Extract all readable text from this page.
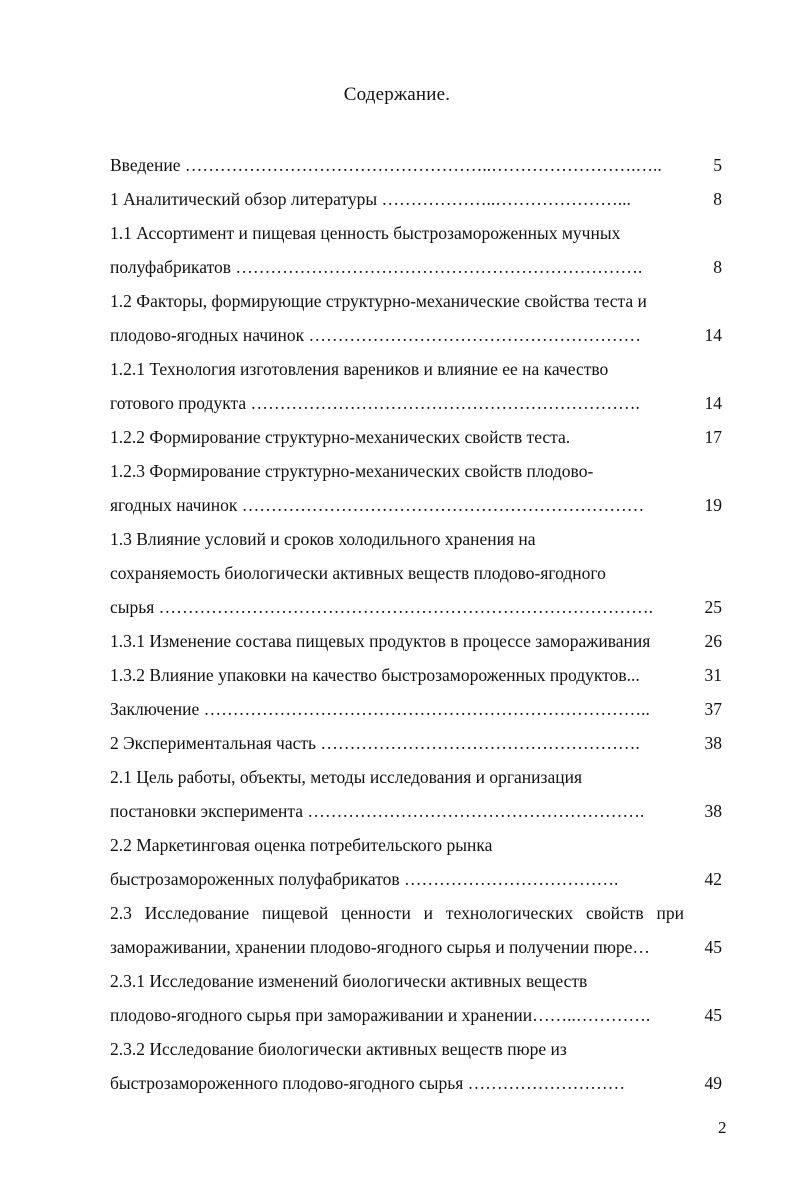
Содержание.
Введение ……………………………………………..…………………….…..	5
1 Аналитический обзор литературы ………………..…………………...	8
1.1 Ассортимент и пищевая ценность быстрозамороженных мучных
полуфабрикатов …………………………………………………………….	8
1.2 Факторы, формирующие структурно-механические свойства теста и
плодово-ягодных начинок …………………………………………………	14
1.2.1 Технология изготовления вареников и влияние ее на качество
готового продукта ………………………………………………………….	14
1.2.2 Формирование структурно-механических свойств теста.	17
1.2.3 Формирование структурно-механических свойств плодово-
ягодных начинок ……………………………………………………………	19
1.3 Влияние условий и сроков холодильного хранения на
сохраняемость биологически активных веществ плодово-ягодного
сырья ………………………………………………………………………….	25
1.3.1 Изменение состава пищевых продуктов в процессе замораживания	26
1.3.2 Влияние упаковки на качество быстрозамороженных продуктов...	31
Заключение …………………………………………………………………..	37
2 Экспериментальная часть ……………………………………………….	38
2.1 Цель работы, объекты, методы исследования и организация
постановки эксперимента ………………………………………………….	38
2.2 Маркетинговая оценка потребительского рынка
быстрозамороженных полуфабрикатов ……………………………….	42
2.3 Исследование пищевой ценности и технологических свойств при
замораживании, хранении плодово-ягодного сырья и получении пюре…	45
2.3.1 Исследование изменений биологически активных веществ
плодово-ягодного сырья при замораживании и хранении……..………….	45
2.3.2 Исследование биологически активных веществ пюре из
быстрозамороженного плодово-ягодного сырья ………………………	49
2
